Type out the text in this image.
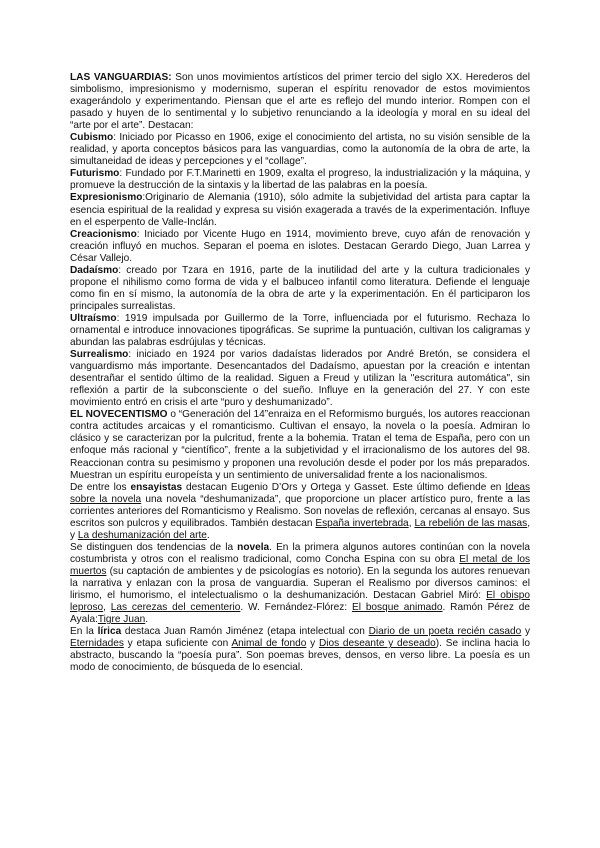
LAS VANGUARDIAS: Son unos movimientos artísticos del primer tercio del siglo XX. Herederos del simbolismo, impresionismo y modernismo, superan el espíritu renovador de estos movimientos exagerándolo y experimentando. Piensan que el arte es reflejo del mundo interior. Rompen con el pasado y huyen de lo sentimental y lo subjetivo renunciando a la ideología y moral en su ideal del “arte por el arte”. Destacan:

Cubismo: Iniciado por Picasso en 1906, exige el conocimiento del artista, no su visión sensible de la realidad, y aporta conceptos básicos para las vanguardias, como la autonomía de la obra de arte, la simultaneidad de ideas y percepciones y el “collage”.

Futurismo: Fundado por F.T.Marinetti en 1909, exalta el progreso, la industrialización y la máquina, y promueve la destrucción de la sintaxis y la libertad de las palabras en la poesía.

Expresionismo:Originario de Alemania (1910), sólo admite la subjetividad del artista para captar la esencia espiritual de la realidad y expresa su visión exagerada a través de la experimentación. Influye en el esperpento de Valle-Inclán.

Creacionismo: Iniciado por Vicente Hugo en 1914, movimiento breve, cuyo afán de renovación y creación influyó en muchos. Separan el poema en islotes. Destacan Gerardo Diego, Juan Larrea y César Vallejo.

Dadaísmo: creado por Tzara en 1916, parte de la inutilidad del arte y la cultura tradicionales y propone el nihilismo como forma de vida y el balbuceo infantil como literatura. Defiende el lenguaje como fin en sí mismo, la autonomía de la obra de arte y la experimentación. En él participaron los principales surrealistas.

Ultraísmo: 1919 impulsada por Guillermo de la Torre, influenciada por el futurismo. Rechaza lo ornamental e introduce innovaciones tipográficas. Se suprime la puntuación, cultivan los caligramas y abundan las palabras esdrújulas y técnicas.

Surrealismo: iniciado en 1924 por varios dadaístas liderados por André Bretón, se considera el vanguardismo más importante. Desencantados del Dadaísmo, apuestan por la creación e intentan desentrañar el sentido último de la realidad. Siguen a Freud y utilizan la "escritura automática", sin reflexión a partir de la subconsciente o del sueño. Influye en la generación del 27. Y con este movimiento entró en crisis el arte “puro y deshumanizado”.

EL NOVECENTISMO o “Generación del 14”enraiza en el Reformismo burgués, los autores reaccionan contra actitudes arcaicas y el romanticismo. Cultivan el ensayo, la novela o la poesía. Admiran lo clásico y se caracterizan por la pulcritud, frente a la bohemia. Tratan el tema de España, pero con un enfoque más racional y “científico”, frente a la subjetividad y el irracionalismo de los autores del 98. Reaccionan contra su pesimismo y proponen una revolución desde el poder por los más preparados. Muestran un espíritu europeísta y un sentimiento de universalidad frente a los nacionalismos.

De entre los ensayistas destacan Eugenio D’Ors y Ortega y Gasset. Este último defiende en Ideas sobre la novela una novela “deshumanizada”, que proporcione un placer artístico puro, frente a las corrientes anteriores del Romanticismo y Realismo. Son novelas de reflexión, cercanas al ensayo. Sus escritos son pulcros y equilibrados. También destacan España invertebrada, La rebelión de las masas, y La deshumanización del arte.

Se distinguen dos tendencias de la novela. En la primera algunos autores continúan con la novela costumbrista y otros con el realismo tradicional, como Concha Espina con su obra El metal de los muertos (su captación de ambientes y de psicologías es notorio). En la segunda los autores renuevan la narrativa y enlazan con la prosa de vanguardia. Superan el Realismo por diversos caminos: el lirismo, el humorismo, el intelectualismo o la deshumanización. Destacan Gabriel Miró: El obispo leproso, Las cerezas del cementerio. W. Fernández-Flórez: El bosque animado. Ramón Pérez de Ayala:Tigre Juan.

En la lírica destaca Juan Ramón Jiménez (etapa intelectual con Diario de un poeta recién casado y Eternidades y etapa suficiente con Animal de fondo y Dios deseante y deseado). Se inclina hacia lo abstracto, buscando la “poesía pura”. Son poemas breves, densos, en verso libre. La poesía es un modo de conocimiento, de búsqueda de lo esencial.
